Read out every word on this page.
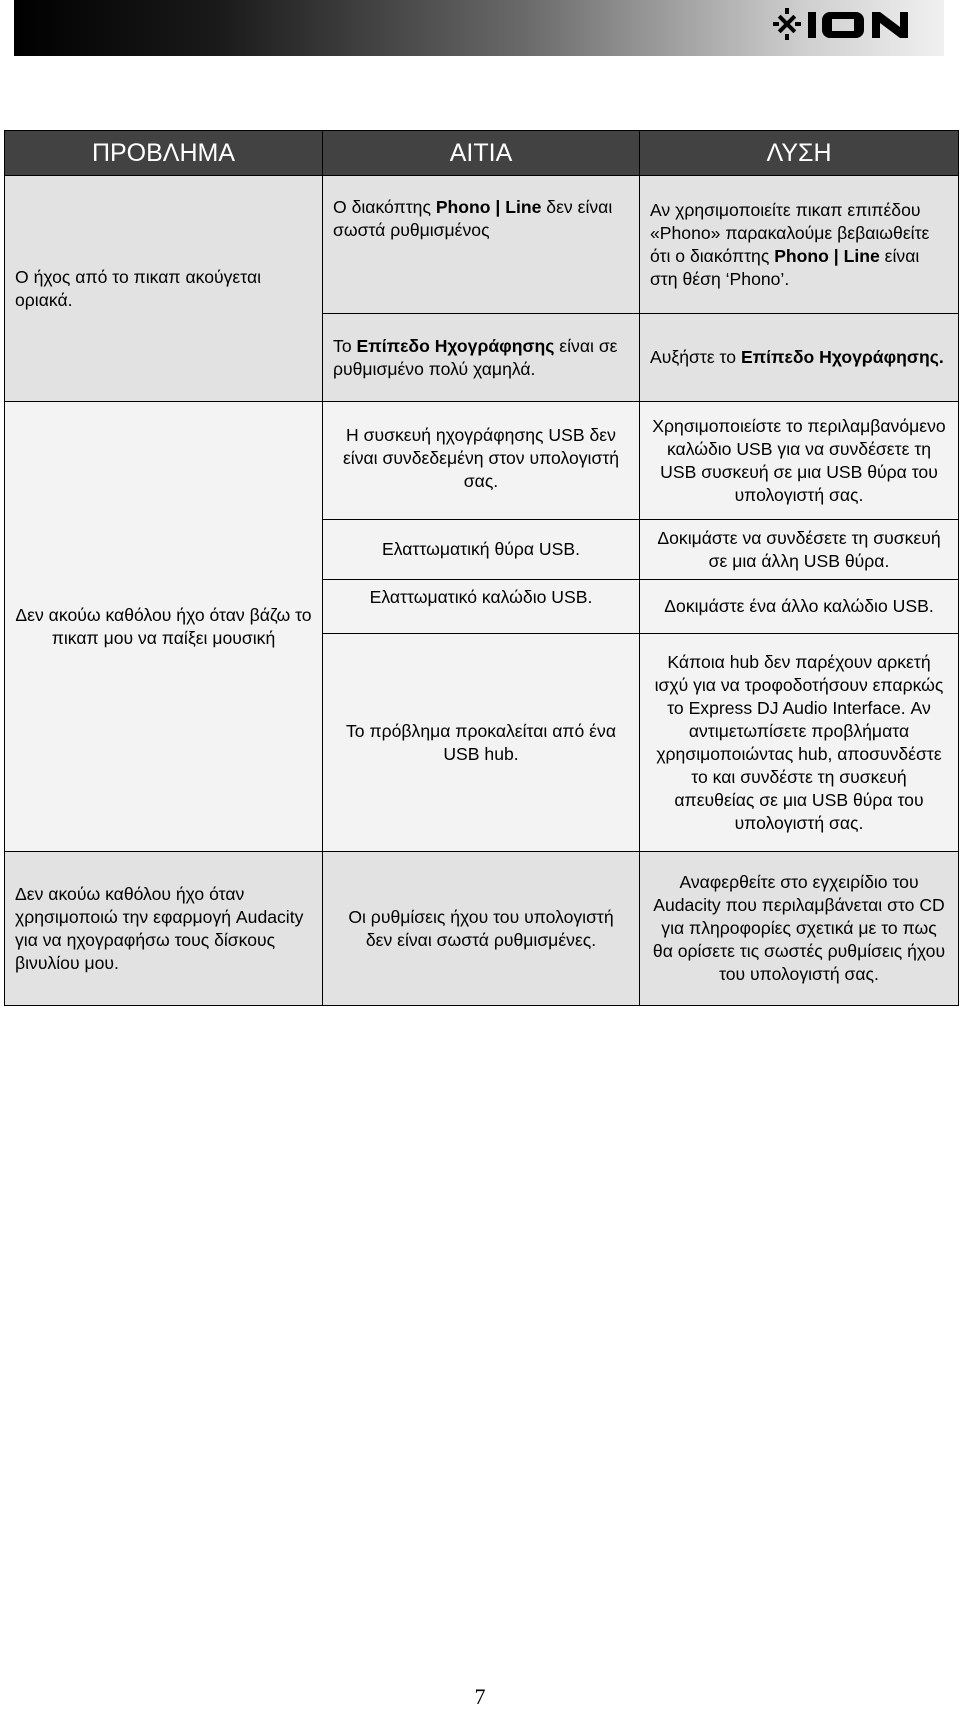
ΠΡΟΒΛΗΜΑ	ΑΙΤΙΑ	ΛΥΣΗ
Ο ήχος από το πικαπ ακούγεται οριακά.	Ο διακόπτης Phono | Line δεν είναι σωστά ρυθμισμένος	Αν χρησιμοποιείτε πικαπ επιπέδου «Phono» παρακαλούμε βεβαιωθείτε ότι ο διακόπτης Phono | Line είναι στη θέση ‘Phono’.
	Το Επίπεδο Ηχογράφησης είναι σε ρυθμισμένο πολύ χαμηλά.	Αυξήστε το Επίπεδο Ηχογράφησης.
Δεν ακούω καθόλου ήχο όταν βάζω το πικαπ μου να παίξει μουσική	Η συσκευή ηχογράφησης USB δεν είναι συνδεδεμένη στον υπολογιστή σας.	Χρησιμοποιείστε το περιλαμβανόμενο καλώδιο USB για να συνδέσετε τη USB συσκευή σε μια USB θύρα του υπολογιστή σας.
	Ελαττωματική θύρα USB.	Δοκιμάστε να συνδέσετε τη συσκευή σε μια άλλη USB θύρα.
	Ελαττωματικό καλώδιο USB.	Δοκιμάστε ένα άλλο καλώδιο USB.
	Το πρόβλημα προκαλείται από ένα USB hub.	Κάποια hub δεν παρέχουν αρκετή ισχύ για να τροφοδοτήσουν επαρκώς το Express DJ Audio Interface. Αν αντιμετωπίσετε προβλήματα χρησιμοποιώντας hub, αποσυνδέστε το και συνδέστε τη συσκευή απευθείας σε μια USB θύρα του υπολογιστή σας.
Δεν ακούω καθόλου ήχο όταν χρησιμοποιώ την εφαρμογή Audacity για να ηχογραφήσω τους δίσκους βινυλίου μου.	Οι ρυθμίσεις ήχου του υπολογιστή δεν είναι σωστά ρυθμισμένες.	Αναφερθείτε στο εγχειρίδιο του Audacity που περιλαμβάνεται στο CD για πληροφορίες σχετικά με το πως θα ορίσετε τις σωστές ρυθμίσεις ήχου του υπολογιστή σας.
7
